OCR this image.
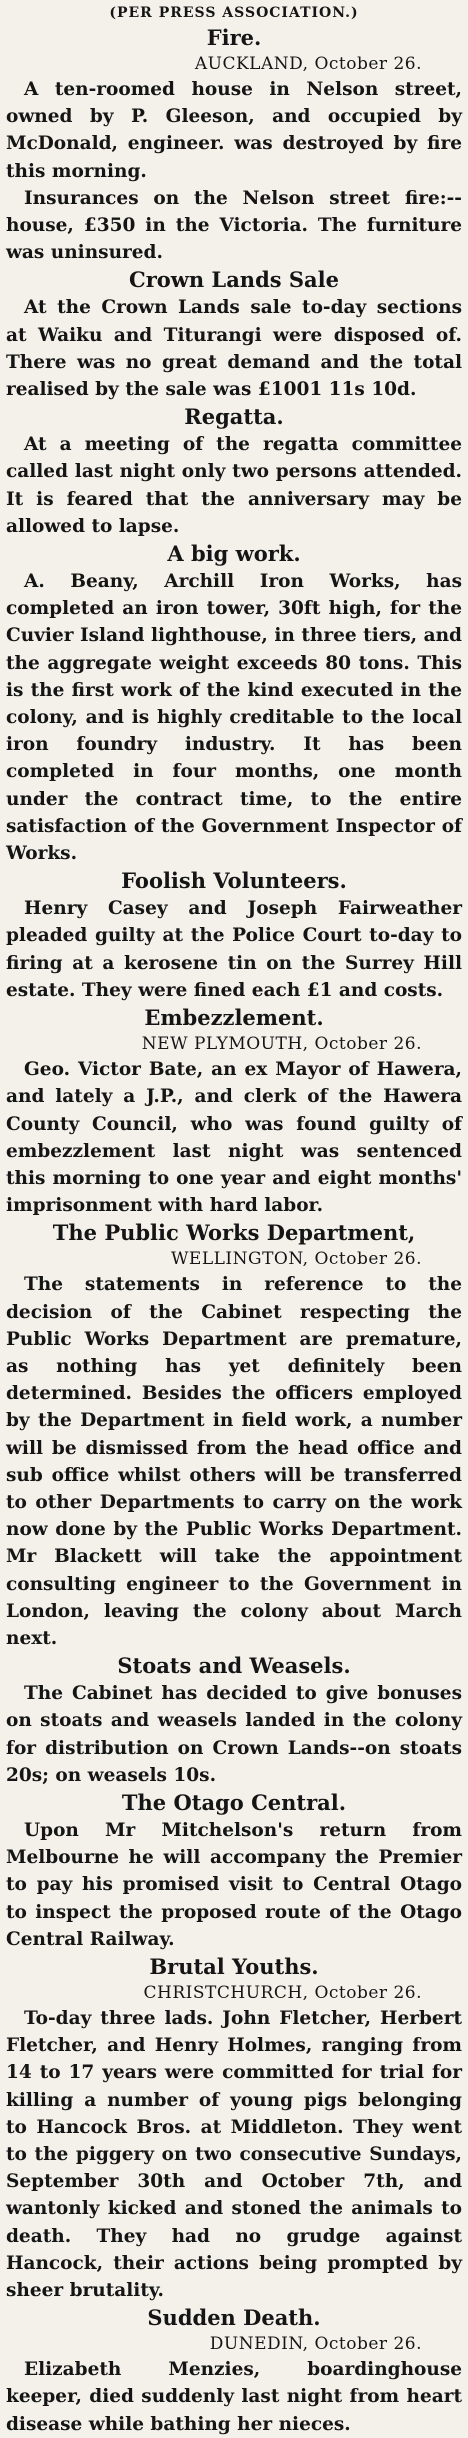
(PER PRESS ASSOCIATION.)
Fire.
AUCKLAND, October 26.

A ten-roomed house in Nelson street, owned by P. Gleeson, and occupied by McDonald, engineer. was destroyed by fire this morning.

Insurances on the Nelson street fire:--house, £350 in the Victoria. The furniture was uninsured.

Crown Lands Sale

At the Crown Lands sale to-day sections at Waiku and Titurangi were disposed of. There was no great demand and the total realised by the sale was £1001 11s 10d.

Regatta.

At a meeting of the regatta committee called last night only two persons attended. It is feared that the anniversary may be allowed to lapse.

A big work.

A. Beany, Archill Iron Works, has completed an iron tower, 30ft high, for the Cuvier Island lighthouse, in three tiers, and the aggregate weight exceeds 80 tons. This is the first work of the kind executed in the colony, and is highly creditable to the local iron foundry industry. It has been completed in four months, one month under the contract time, to the entire satisfaction of the Government Inspector of Works.

Foolish Volunteers.

Henry Casey and Joseph Fairweather pleaded guilty at the Police Court to-day to firing at a kerosene tin on the Surrey Hill estate. They were fined each £1 and costs.

Embezzlement.
NEW PLYMOUTH, October 26.

Geo. Victor Bate, an ex Mayor of Hawera, and lately a J.P., and clerk of the Hawera County Council, who was found guilty of embezzlement last night was sentenced this morning to one year and eight months' imprisonment with hard labor.

The Public Works Department,
WELLINGTON, October 26.

The statements in reference to the decision of the Cabinet respecting the Public Works Department are premature, as nothing has yet definitely been determined. Besides the officers employed by the Department in field work, a number will be dismissed from the head office and sub office whilst others will be transferred to other Departments to carry on the work now done by the Public Works Department. Mr Blackett will take the appointment consulting engineer to the Government in London, leaving the colony about March next.

Stoats and Weasels.

The Cabinet has decided to give bonuses on stoats and weasels landed in the colony for distribution on Crown Lands--on stoats 20s; on weasels 10s.

The Otago Central.

Upon Mr Mitchelson's return from Melbourne he will accompany the Premier to pay his promised visit to Central Otago to inspect the proposed route of the Otago Central Railway.

Brutal Youths.
CHRISTCHURCH, October 26.

To-day three lads. John Fletcher, Herbert Fletcher, and Henry Holmes, ranging from 14 to 17 years were committed for trial for killing a number of young pigs belonging to Hancock Bros. at Middleton. They went to the piggery on two consecutive Sundays, September 30th and October 7th, and wantonly kicked and stoned the animals to death. They had no grudge against Hancock, their actions being prompted by sheer brutality.

Sudden Death.
DUNEDIN, October 26.

Elizabeth Menzies, boardinghouse keeper, died suddenly last night from heart disease while bathing her nieces.
